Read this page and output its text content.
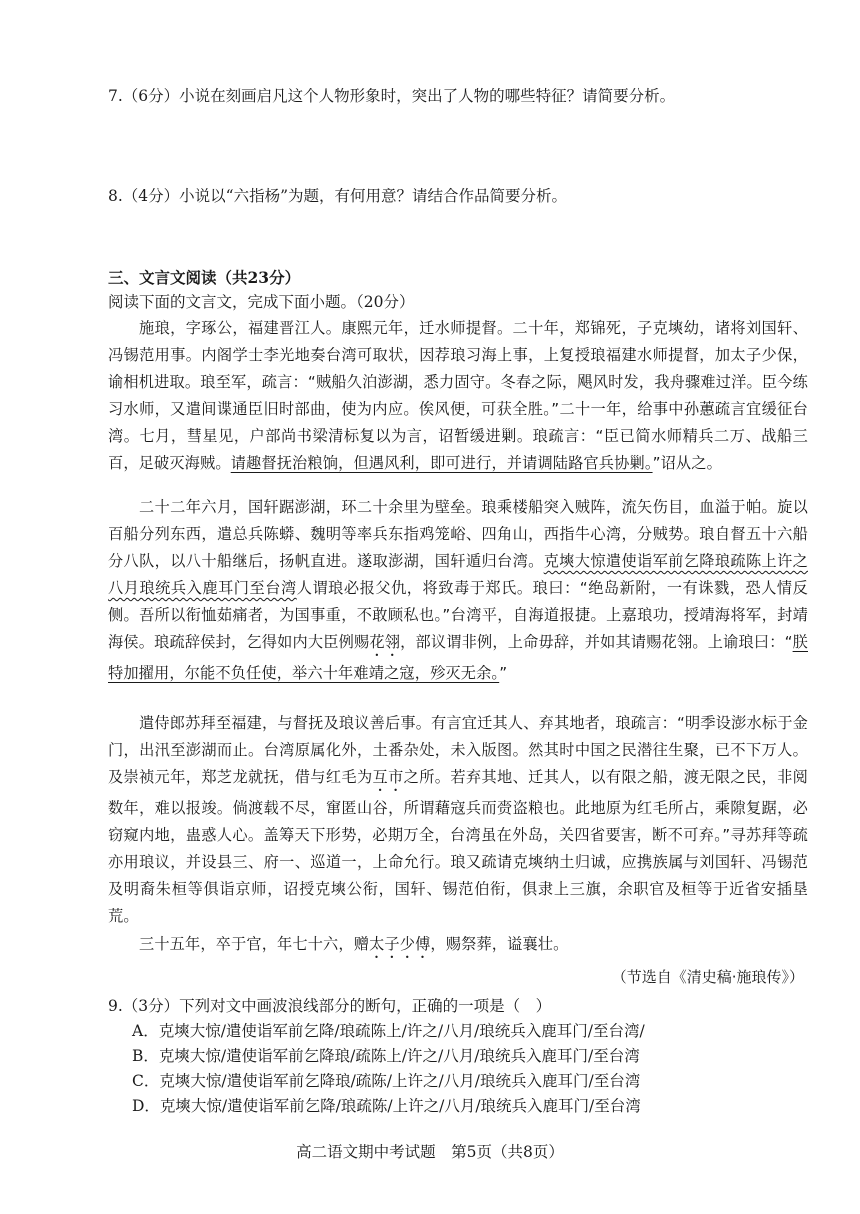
7.（6分）小说在刻画启凡这个人物形象时，突出了人物的哪些特征？请简要分析。
8.（4分）小说以“六指杨”为题，有何用意？请结合作品简要分析。
三、文言文阅读（共23分）
阅读下面的文言文，完成下面小题。（20分）
施琅，字琢公，福建晋江人。康熙元年，迁水师提督。二十年，郑锦死，子克塽幼，诸将刘国轩、冯锡范用事。内阁学士李光地奏台湾可取状，因荐琅习海上事，上复授琅福建水师提督，加太子少保，谕相机进取。琅至军，疏言：“贼船久泊澎湖，悉力固守。冬春之际，飓风时发，我舟骤难过洋。臣今练习水师，又遣间谍通臣旧时部曲，使为内应。俟风便，可获全胜。”二十一年，给事中孙蕙疏言宜缓征台湾。七月，彗星见，户部尚书梁清标复以为言，诏暂缓进剿。琅疏言：“臣已简水师精兵二万、战船三百，足破灭海贼。请趣督抚治粮饷，但遇风利，即可进行，并请调陆路官兵协剿。”诏从之。
二十二年六月，国轩踞澎湖，环二十余里为壁垒。琅乘楼船突入贼阵，流矢伤目，血溢于帕。旋以百船分列东西，遣总兵陈蟒、魏明等率兵东指鸡笼峪、四角山，西指牛心湾，分贼势。琅自督五十六船分八队，以八十船继后，扬帆直进。遂取澎湖，国轩遁归台湾。克塽大惊遣使诣军前乞降琅疏陈上许之八月琅统兵入鹿耳门至台湾人谓琅必报父仇，将致毒于郑氏。琅曰：“绝岛新附，一有诛戮，恐人情反侧。吾所以衔恤茹痛者，为国事重，不敢顾私也。”台湾平，自海道报捷。上嘉琅功，授靖海将军，封靖海侯。琅疏辞侯封，乞得如内大臣例赐花翎，部议谓非例，上命毋辞，并如其请赐花翎。上谕琅曰：“朕特加擢用，尔能不负任使，举六十年难靖之寇，殄灭无余。”
遣侍郎苏拜至福建，与督抚及琅议善后事。有言宜迁其人、弃其地者，琅疏言：“明季设澎水标于金门，出汛至澎湖而止。台湾原属化外，土番杂处，未入版图。然其时中国之民潜往生聚，已不下万人。及崇祯元年，郑芝龙就抚，借与红毛为互市之所。若弃其地、迁其人，以有限之船，渡无限之民，非阅数年，难以报竣。倘渡载不尽，窜匿山谷，所谓藉寇兵而赍盗粮也。此地原为红毛所占，乘隙复踞，必窃窥内地，蛊惑人心。盖筹天下形势，必期万全，台湾虽在外岛，关四省要害，断不可弃。”寻苏拜等疏亦用琅议，并设县三、府一、巡道一，上命允行。琅又疏请克塽纳土归诚，应携族属与刘国轩、冯锡范及明裔朱桓等俱诣京师，诏授克塽公衔，国轩、锡范伯衔，俱隶上三旗，余职官及桓等于近省安插垦荒。
三十五年，卒于官，年七十六，赠太子少傅，赐祭葬，谥襄壮。
（节选自《清史稿·施琅传》）
9.（3分）下列对文中画波浪线部分的断句，正确的一项是（　）
A．克塽大惊/遣使诣军前乞降/琅疏陈上/许之/八月/琅统兵入鹿耳门/至台湾/
B．克塽大惊/遣使诣军前乞降琅/疏陈上/许之/八月/琅统兵入鹿耳门/至台湾
C．克塽大惊/遣使诣军前乞降琅/疏陈/上许之/八月/琅统兵入鹿耳门/至台湾
D．克塽大惊/遣使诣军前乞降/琅疏陈/上许之/八月/琅统兵入鹿耳门/至台湾
高二语文期中考试题　第5页（共8页）
